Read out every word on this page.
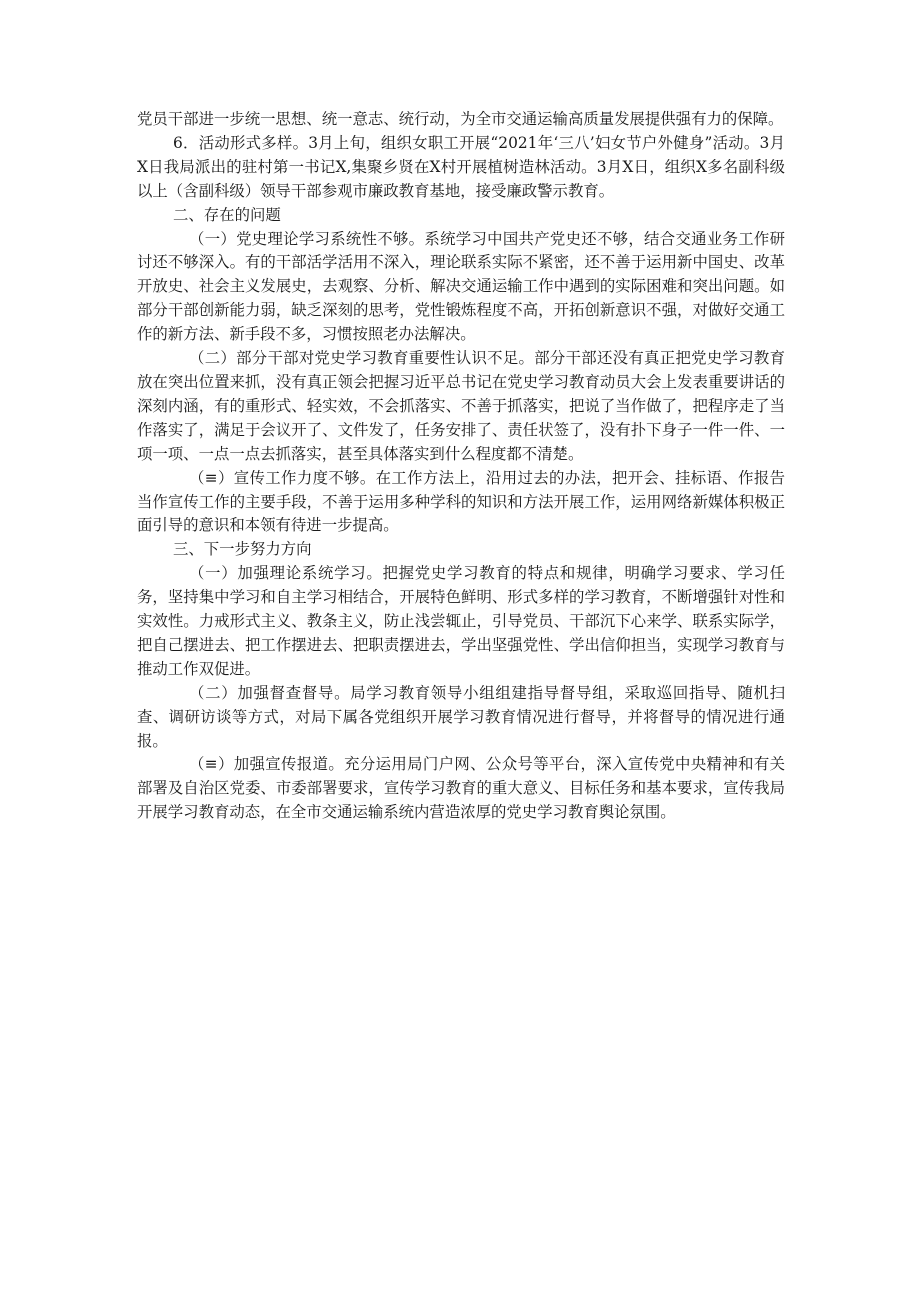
党员干部进一步统一思想、统一意志、统行动，为全市交通运输高质量发展提供强有力的保障。

6．活动形式多样。3月上旬，组织女职工开展“2021年‘三八’妇女节户外健身”活动。3月X日我局派出的驻村第一书记X,集聚乡贤在X村开展植树造林活动。3月X日，组织X多名副科级以上（含副科级）领导干部参观市廉政教育基地，接受廉政警示教育。

二、存在的问题

（一）党史理论学习系统性不够。系统学习中国共产党史还不够，结合交通业务工作研讨还不够深入。有的干部活学活用不深入，理论联系实际不紧密，还不善于运用新中国史、改革开放史、社会主义发展史，去观察、分析、解决交通运输工作中遇到的实际困难和突出问题。如部分干部创新能力弱，缺乏深刻的思考，党性锻炼程度不高，开拓创新意识不强，对做好交通工作的新方法、新手段不多，习惯按照老办法解决。

（二）部分干部对党史学习教育重要性认识不足。部分干部还没有真正把党史学习教育放在突出位置来抓，没有真正领会把握习近平总书记在党史学习教育动员大会上发表重要讲话的深刻内涵，有的重形式、轻实效，不会抓落实、不善于抓落实，把说了当作做了，把程序走了当作落实了，满足于会议开了、文件发了，任务安排了、责任状签了，没有扑下身子一件一件、一项一项、一点一点去抓落实，甚至具体落实到什么程度都不清楚。

（≡）宣传工作力度不够。在工作方法上，沿用过去的办法，把开会、挂标语、作报告当作宣传工作的主要手段，不善于运用多种学科的知识和方法开展工作，运用网络新媒体积极正面引导的意识和本领有待进一步提高。

三、下一步努力方向

（一）加强理论系统学习。把握党史学习教育的特点和规律，明确学习要求、学习任务，坚持集中学习和自主学习相结合，开展特色鲜明、形式多样的学习教育，不断增强针对性和实效性。力戒形式主义、教条主义，防止浅尝辄止，引导党员、干部沉下心来学、联系实际学，把自己摆进去、把工作摆进去、把职责摆进去，学出坚强党性、学出信仰担当，实现学习教育与推动工作双促进。

（二）加强督查督导。局学习教育领导小组组建指导督导组，采取巡回指导、随机扫查、调研访谈等方式，对局下属各党组织开展学习教育情况进行督导，并将督导的情况进行通报。

（≡）加强宣传报道。充分运用局门户网、公众号等平台，深入宣传党中央精神和有关部署及自治区党委、市委部署要求，宣传学习教育的重大意义、目标任务和基本要求，宣传我局开展学习教育动态，在全市交通运输系统内营造浓厚的党史学习教育舆论氛围。
